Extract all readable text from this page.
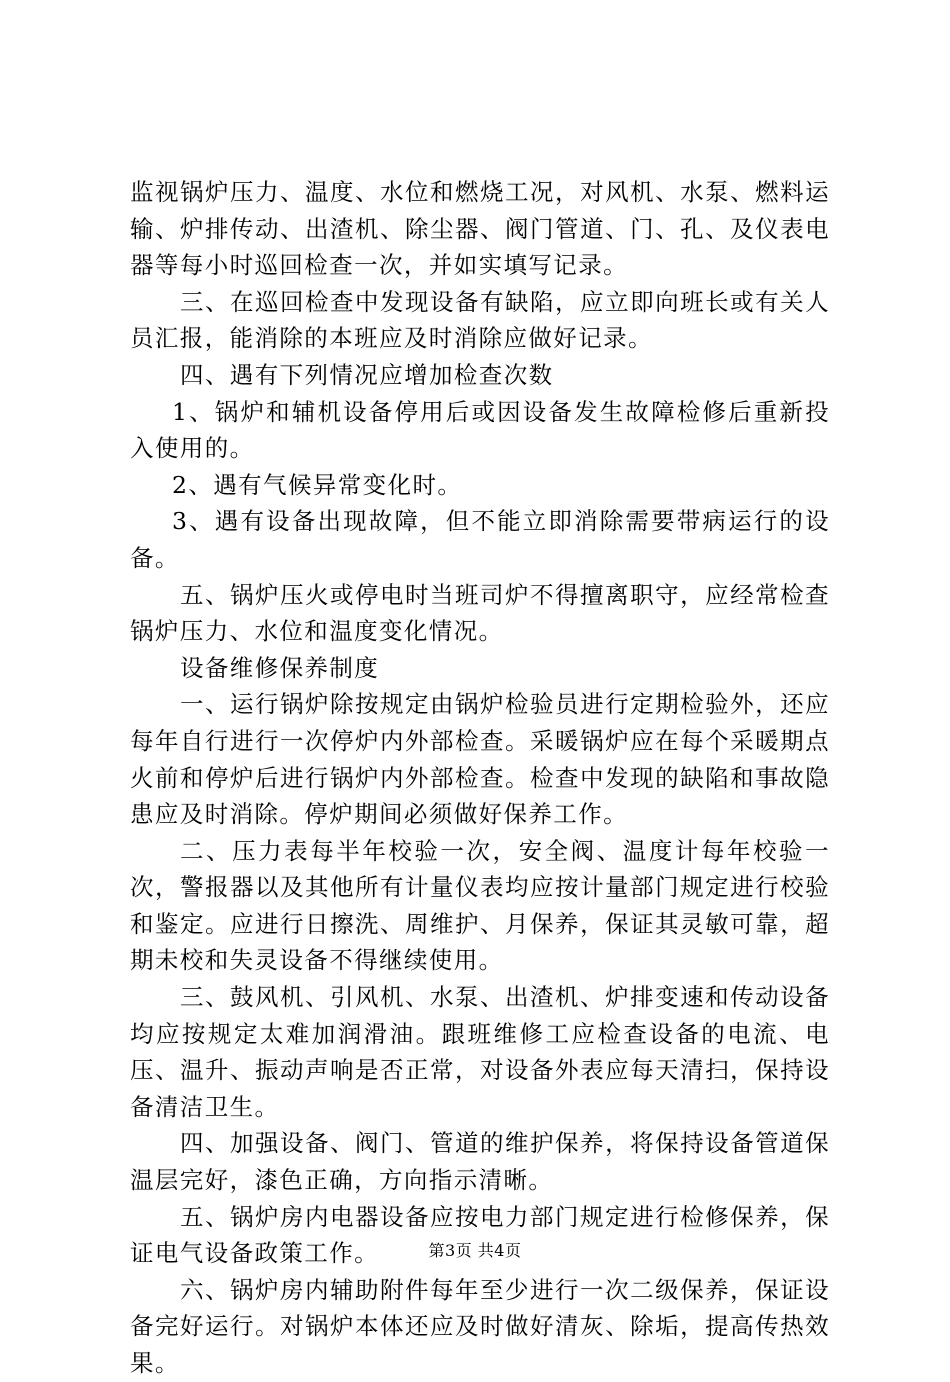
监视锅炉压力、温度、水位和燃烧工况，对风机、水泵、燃料运输、炉排传动、出渣机、除尘器、阀门管道、门、孔、及仪表电器等每小时巡回检查一次，并如实填写记录。

三、在巡回检查中发现设备有缺陷，应立即向班长或有关人员汇报，能消除的本班应及时消除应做好记录。

四、遇有下列情况应增加检查次数

1、锅炉和辅机设备停用后或因设备发生故障检修后重新投入使用的。

2、遇有气候异常变化时。

3、遇有设备出现故障，但不能立即消除需要带病运行的设备。

五、锅炉压火或停电时当班司炉不得擅离职守，应经常检查锅炉压力、水位和温度变化情况。

设备维修保养制度

一、运行锅炉除按规定由锅炉检验员进行定期检验外，还应每年自行进行一次停炉内外部检查。采暖锅炉应在每个采暖期点火前和停炉后进行锅炉内外部检查。检查中发现的缺陷和事故隐患应及时消除。停炉期间必须做好保养工作。

二、压力表每半年校验一次，安全阀、温度计每年校验一次，警报器以及其他所有计量仪表均应按计量部门规定进行校验和鉴定。应进行日擦洗、周维护、月保养，保证其灵敏可靠，超期未校和失灵设备不得继续使用。

三、鼓风机、引风机、水泵、出渣机、炉排变速和传动设备均应按规定太难加润滑油。跟班维修工应检查设备的电流、电压、温升、振动声响是否正常，对设备外表应每天清扫，保持设备清洁卫生。

四、加强设备、阀门、管道的维护保养，将保持设备管道保温层完好，漆色正确，方向指示清晰。

五、锅炉房内电器设备应按电力部门规定进行检修保养，保证电气设备政策工作。

六、锅炉房内辅助附件每年至少进行一次二级保养，保证设备完好运行。对锅炉本体还应及时做好清灰、除垢，提高传热效果。

第3页 共4页
